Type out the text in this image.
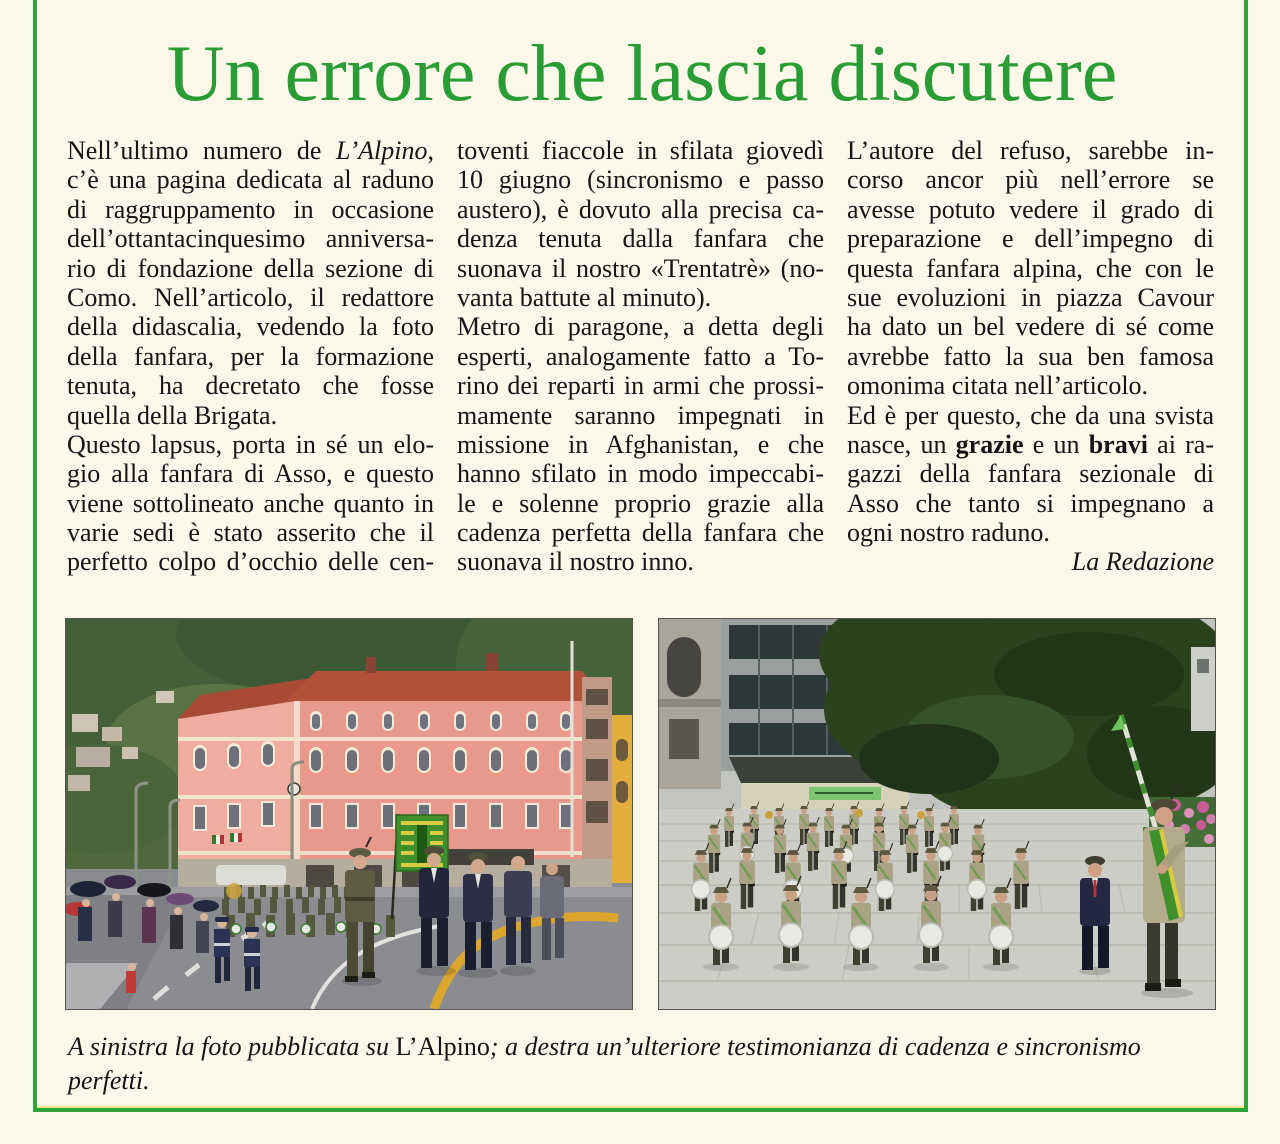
Un errore che lascia discutere
Nell’ultimo numero de L’Alpino,
c’è una pagina dedicata al raduno
di raggruppamento in occasione
dell’ottantacinquesimo anniversa-
rio di fondazione della sezione di
Como. Nell’articolo, il redattore
della didascalia, vedendo la foto
della fanfara, per la formazione
tenuta, ha decretato che fosse
quella della Brigata.
Questo lapsus, porta in sé un elo-
gio alla fanfara di Asso, e questo
viene sottolineato anche quanto in
varie sedi è stato asserito che il
perfetto colpo d’occhio delle cen-
toventi fiaccole in sfilata giovedì
10 giugno (sincronismo e passo
austero), è dovuto alla precisa ca-
denza tenuta dalla fanfara che
suonava il nostro «Trentatrè» (no-
vanta battute al minuto).
Metro di paragone, a detta degli
esperti, analogamente fatto a To-
rino dei reparti in armi che prossi-
mamente saranno impegnati in
missione in Afghanistan, e che
hanno sfilato in modo impeccabi-
le e solenne proprio grazie alla
cadenza perfetta della fanfara che
suonava il nostro inno.
L’autore del refuso, sarebbe in-
corso ancor più nell’errore se
avesse potuto vedere il grado di
preparazione e dell’impegno di
questa fanfara alpina, che con le
sue evoluzioni in piazza Cavour
ha dato un bel vedere di sé come
avrebbe fatto la sua ben famosa
omonima citata nell’articolo.
Ed è per questo, che da una svista
nasce, un grazie e un bravi ai ra-
gazzi della fanfara sezionale di
Asso che tanto si impegnano a
ogni nostro raduno.
La Redazione
A sinistra la foto pubblicata su L’Alpino; a destra un’ulteriore testimonianza di cadenza e sincronismo perfetti.
